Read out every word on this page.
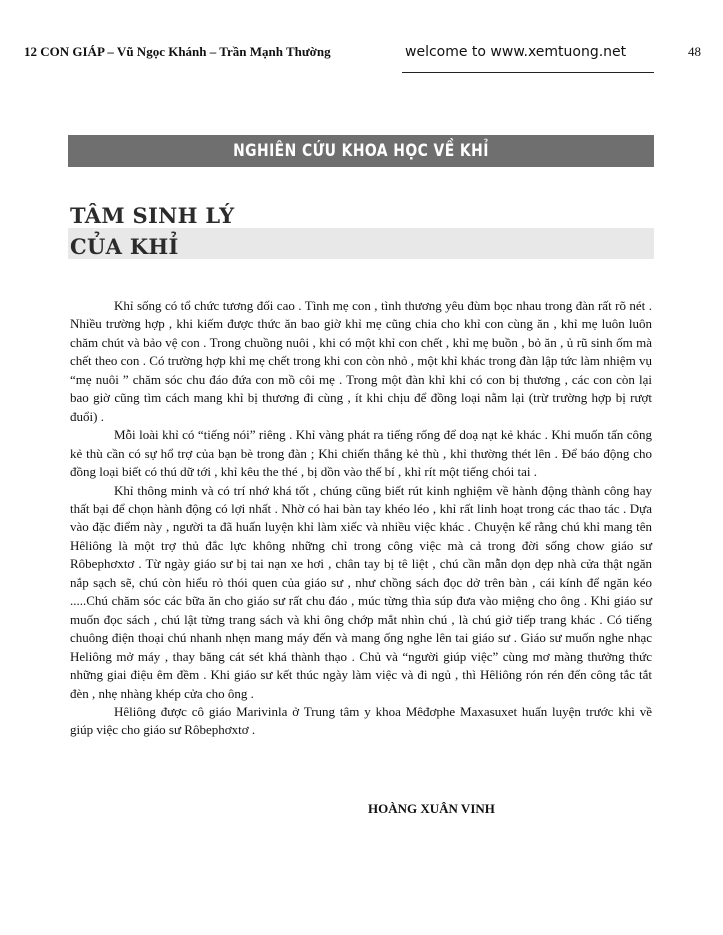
12 CON GIÁP – Vũ Ngọc Khánh – Trần Mạnh Thường	welcome to www.xemtuong.net	48
NGHIÊN CỨU KHOA HỌC VỀ KHỈ
TÂM SINH LÝ
CỦA KHỈ

Khỉ sống có tổ chức tương đối cao . Tình mẹ con , tình thương yêu đùm bọc nhau trong đàn rất rõ nét . Nhiều trường hợp , khi kiếm được thức ăn bao giờ khỉ mẹ cũng chia cho khỉ con cùng ăn , khỉ mẹ luôn luôn chăm chút và bảo vệ con . Trong chuồng nuôi , khi có một khỉ con chết , khỉ mẹ buồn , bỏ ăn , ủ rũ sinh ốm mà chết theo con . Có trường hợp khỉ mẹ chết trong khi con còn nhỏ , một khỉ khác trong đàn lập tức làm nhiệm vụ “mẹ nuôi ” chăm sóc chu đáo đứa con mồ côi mẹ . Trong một đàn khỉ khi có con bị thương , các con còn lại bao giờ cũng tìm cách mang khỉ bị thương đi cùng , ít khi chịu để đồng loại nằm lại (trừ trường hợp bị rượt đuổi) .

Mỗi loài khỉ có “tiếng nói” riêng . Khỉ vàng phát ra tiếng rống để doạ nạt kẻ khác . Khi muốn tấn công kẻ thù cần có sự hổ trợ của bạn bè trong đàn ; Khi chiến thắng kẻ thù , khỉ thường thét lên . Để báo động cho đồng loại biết có thú dữ tới , khỉ kêu the thé , bị dồn vào thế bí , khỉ rít một tiếng chói tai .

Khỉ thông minh và có trí nhớ khá tốt , chúng cũng biết rút kinh nghiệm về hành động thành công hay thất bại để chọn hành động có lợi nhất . Nhờ có hai bàn tay khéo léo , khỉ rất linh hoạt trong các thao tác . Dựa vào đặc điểm này , người ta đã huấn luyện khỉ làm xiếc và nhiều việc khác . Chuyện kể rằng chú khỉ mang tên Hêliông là một trợ thủ đắc lực không những chỉ trong công việc mà cả trong đời sống chow giáo sư Rôbephơxtơ . Từ ngày giáo sư bị tai nạn xe hơi , chân tay bị tê liệt , chú cần mẫn dọn dẹp nhà cửa thật ngăn nắp sạch sẽ, chú còn hiểu rỏ thói quen của giáo sư , như chồng sách đọc dở trên bàn , cái kính để ngăn kéo .....Chú chăm sóc các bữa ăn cho giáo sư rất chu đáo , múc từng thìa súp đưa vào miệng cho ông . Khi giáo sư muốn đọc sách , chú lật từng trang sách và khi ông chớp mắt nhìn chú , là chú giở tiếp trang khác . Có tiếng chuông điện thoại chú nhanh nhẹn mang máy đến và mang ống nghe lên tai giáo sư . Giáo sư muốn nghe nhạc Heliông mở máy , thay băng cát sét khá thành thạo . Chủ và “người giúp việc” cùng mơ màng thưởng thức những giai điệu êm đềm . Khi giáo sư kết thúc ngày làm việc và đi ngủ , thì Hêliông rón rén đến công tắc tắt đèn , nhẹ nhàng khép cửa cho ông .

Hêliông được cô giáo Marivinla ở Trung tâm y khoa Mêđơphe Maxasuxet huấn luyện trước khi về giúp việc cho giáo sư Rôbephơxtơ .

HOÀNG XUÂN VINH
